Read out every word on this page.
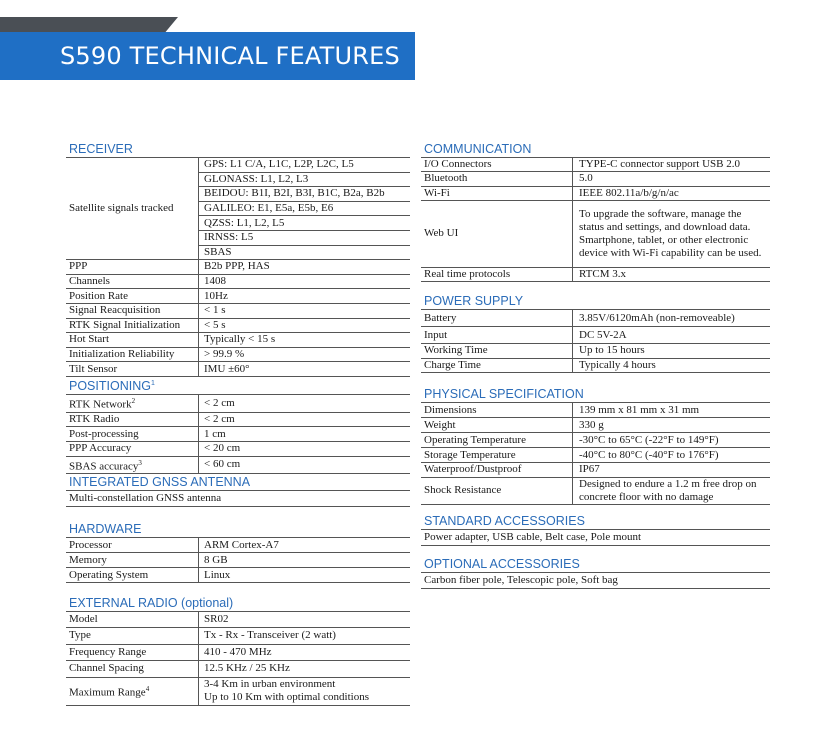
S590 TECHNICAL FEATURES
RECEIVER
Satellite signals tracked	GPS: L1 C/A, L1C, L2P, L2C, L5
	GLONASS: L1, L2, L3
	BEIDOU: B1I, B2I, B3I, B1C, B2a, B2b
	GALILEO: E1, E5a, E5b, E6
	QZSS: L1, L2, L5
	IRNSS: L5
	SBAS
PPP	B2b PPP, HAS
Channels	1408
Position Rate	10Hz
Signal Reacquisition	< 1 s
RTK Signal Initialization	< 5 s
Hot Start	Typically < 15 s
Initialization Reliability	> 99.9 %
Tilt Sensor	IMU ±60°
POSITIONING$^1$
RTK Network$^2$	< 2 cm
RTK Radio	< 2 cm
Post-processing	1 cm
PPP Accuracy	< 20 cm
SBAS accuracy$^3$	< 60 cm
INTEGRATED GNSS ANTENNA
Multi-constellation GNSS antenna
HARDWARE
Processor	ARM Cortex-A7
Memory	8 GB
Operating System	Linux
EXTERNAL RADIO (optional)
Model	SR02
Type	Tx - Rx - Transceiver (2 watt)
Frequency Range	410 - 470 MHz
Channel Spacing	12.5 KHz / 25 KHz
Maximum Range$^4$	3-4 Km in urban environment
Up to 10 Km with optimal conditions
COMMUNICATION
I/O Connectors	TYPE-C connector support USB 2.0
Bluetooth	5.0
Wi-Fi	IEEE 802.11a/b/g/n/ac
Web UI	To upgrade the software, manage the status and settings, and download data. Smartphone, tablet, or other electronic device with Wi-Fi capability can be used.
Real time protocols	RTCM 3.x
POWER SUPPLY
Battery	3.85V/6120mAh (non-removeable)
Input	DC 5V-2A
Working Time	Up to 15 hours
Charge Time	Typically 4 hours
PHYSICAL SPECIFICATION
Dimensions	139 mm x 81 mm x 31 mm
Weight	330 g
Operating Temperature	-30°C to 65°C (-22°F to 149°F)
Storage Temperature	-40°C to 80°C (-40°F to 176°F)
Waterproof/Dustproof	IP67
Shock Resistance	Designed to endure a 1.2 m free drop on concrete floor with no damage
STANDARD ACCESSORIES
Power adapter, USB cable, Belt case, Pole mount
OPTIONAL ACCESSORIES
Carbon fiber pole, Telescopic pole, Soft bag
